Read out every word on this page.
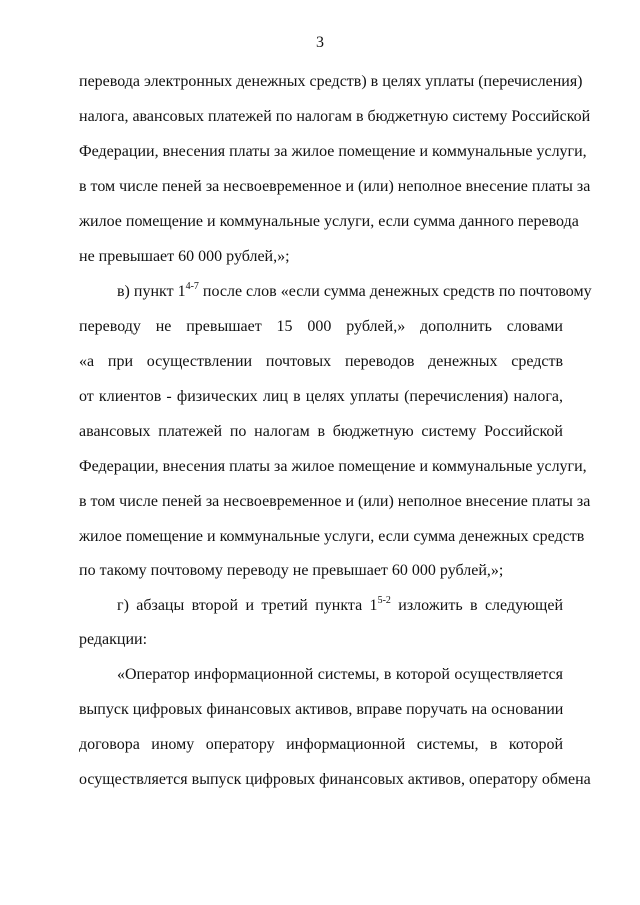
3
перевода электронных денежных средств) в целях уплаты (перечисления)
налога, авансовых платежей по налогам в бюджетную систему Российской
Федерации, внесения платы за жилое помещение и коммунальные услуги,
в том числе пеней за несвоевременное и (или) неполное внесение платы за
жилое помещение и коммунальные услуги, если сумма данного перевода
не превышает 60 000 рублей,»;
в) пункт 1$^{4-7}$ после слов «если сумма денежных средств по почтовому
переводу не превышает 15 000 рублей,» дополнить словами
«а при осуществлении почтовых переводов денежных средств
от клиентов - физических лиц в целях уплаты (перечисления) налога,
авансовых платежей по налогам в бюджетную систему Российской
Федерации, внесения платы за жилое помещение и коммунальные услуги,
в том числе пеней за несвоевременное и (или) неполное внесение платы за
жилое помещение и коммунальные услуги, если сумма денежных средств
по такому почтовому переводу не превышает 60 000 рублей,»;
г) абзацы второй и третий пункта 1$^{5-2}$ изложить в следующей
редакции:
«Оператор информационной системы, в которой осуществляется
выпуск цифровых финансовых активов, вправе поручать на основании
договора иному оператору информационной системы, в которой
осуществляется выпуск цифровых финансовых активов, оператору обмена
